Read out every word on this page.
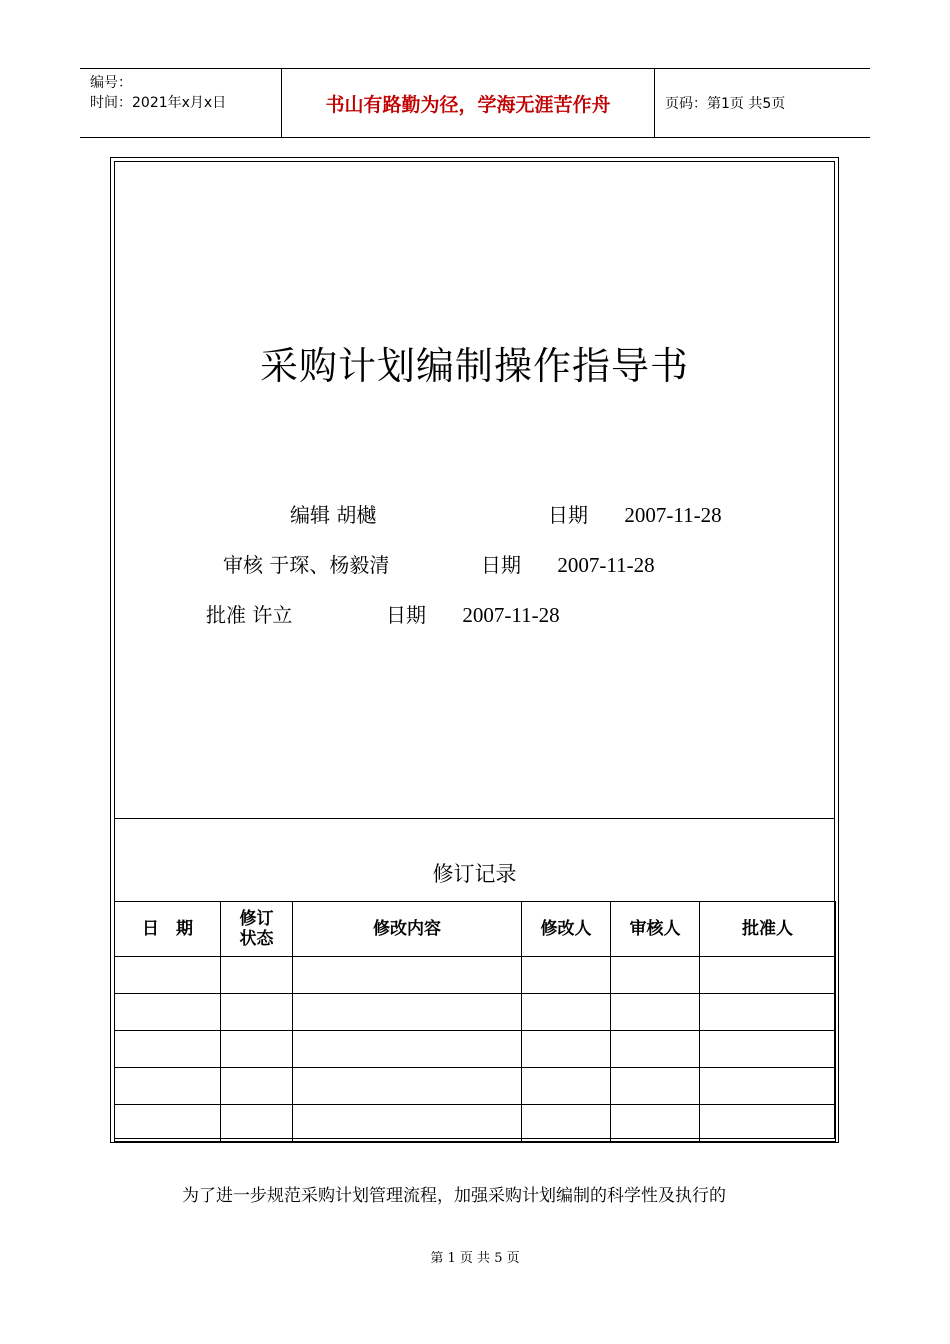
编号：
时间：2021年x月x日	书山有路勤为径，学海无涯苦作舟	页码：第1页 共5页
采购计划编制操作指导书
编辑 胡樾	日期 2007-11-28
审核 于琛、杨毅清	日期 2007-11-28
批准 许立	日期 2007-11-28
修订记录
日　期	修订状态	修改内容	修改人	审核人	批准人

为了进一步规范采购计划管理流程，加强采购计划编制的科学性及执行的
第 1 页 共 5 页
